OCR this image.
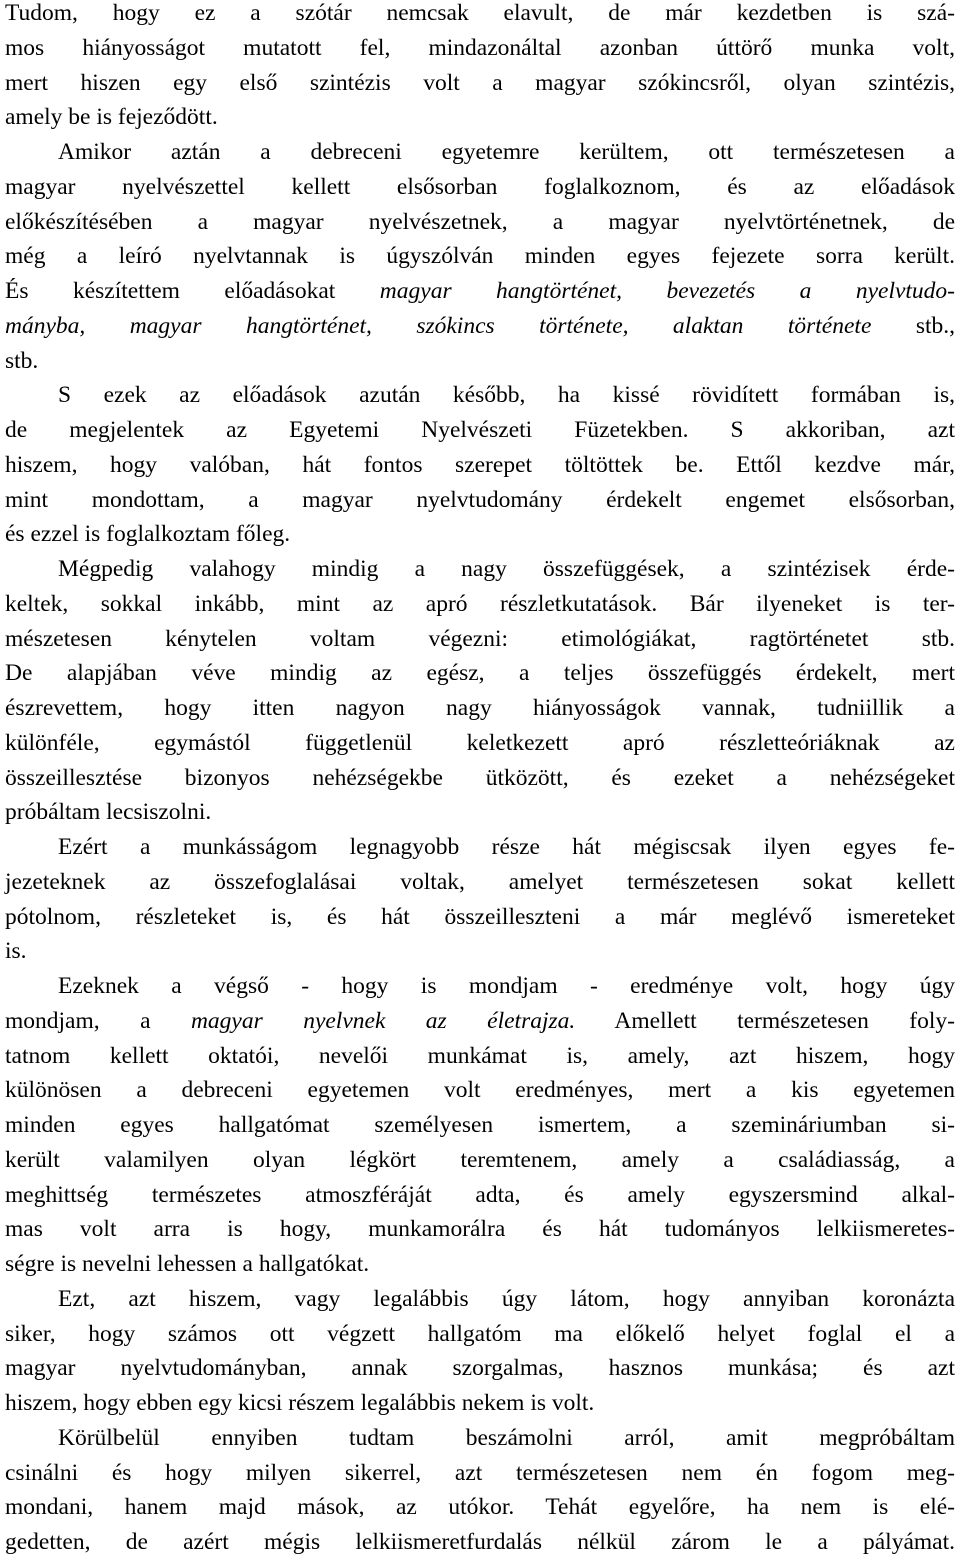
Tudom, hogy ez a szótár nemcsak elavult, de már kezdetben is szá-
mos hiányosságot mutatott fel, mindazonáltal azonban úttörő munka volt,
mert hiszen egy első szintézis volt a magyar szókincsről, olyan szintézis,
amely be is fejeződött.
Amikor aztán a debreceni egyetemre kerültem, ott természetesen a
magyar nyelvészettel kellett elsősorban foglalkoznom, és az előadások
előkészítésében a magyar nyelvészetnek, a magyar nyelvtörténetnek, de
még a leíró nyelvtannak is úgyszólván minden egyes fejezete sorra került.
És készítettem előadásokat magyar hangtörténet, bevezetés a nyelvtudo-
mányba, magyar hangtörténet, szókincs története, alaktan története stb.,
stb.
S ezek az előadások azután később, ha kissé rövidített formában is,
de megjelentek az Egyetemi Nyelvészeti Füzetekben. S akkoriban, azt
hiszem, hogy valóban, hát fontos szerepet töltöttek be. Ettől kezdve már,
mint mondottam, a magyar nyelvtudomány érdekelt engemet elsősorban,
és ezzel is foglalkoztam főleg.
Mégpedig valahogy mindig a nagy összefüggések, a szintézisek érde-
keltek, sokkal inkább, mint az apró részletkutatások. Bár ilyeneket is ter-
mészetesen kénytelen voltam végezni: etimológiákat, ragtörténetet stb.
De alapjában véve mindig az egész, a teljes összefüggés érdekelt, mert
észrevettem, hogy itten nagyon nagy hiányosságok vannak, tudniillik a
különféle, egymástól függetlenül keletkezett apró részletteóriáknak az
összeillesztése bizonyos nehézségekbe ütközött, és ezeket a nehézségeket
próbáltam lecsiszolni.
Ezért a munkásságom legnagyobb része hát mégiscsak ilyen egyes fe-
jezeteknek az összefoglalásai voltak, amelyet természetesen sokat kellett
pótolnom, részleteket is, és hát összeilleszteni a már meglévő ismereteket
is.
Ezeknek a végső - hogy is mondjam - eredménye volt, hogy úgy
mondjam, a magyar nyelvnek az életrajza. Amellett természetesen foly-
tatnom kellett oktatói, nevelői munkámat is, amely, azt hiszem, hogy
különösen a debreceni egyetemen volt eredményes, mert a kis egyetemen
minden egyes hallgatómat személyesen ismertem, a szemináriumban si-
került valamilyen olyan légkört teremtenem, amely a családiasság, a
meghittség természetes atmoszféráját adta, és amely egyszersmind alkal-
mas volt arra is hogy, munkamorálra és hát tudományos lelkiismeretes-
ségre is nevelni lehessen a hallgatókat.
Ezt, azt hiszem, vagy legalábbis úgy látom, hogy annyiban koronázta
siker, hogy számos ott végzett hallgatóm ma előkelő helyet foglal el a
magyar nyelvtudományban, annak szorgalmas, hasznos munkása; és azt
hiszem, hogy ebben egy kicsi részem legalábbis nekem is volt.
Körülbelül ennyiben tudtam beszámolni arról, amit megpróbáltam
csinálni és hogy milyen sikerrel, azt természetesen nem én fogom meg-
mondani, hanem majd mások, az utókor. Tehát egyelőre, ha nem is elé-
gedetten, de azért mégis lelkiismeretfurdalás nélkül zárom le a pályámat.
